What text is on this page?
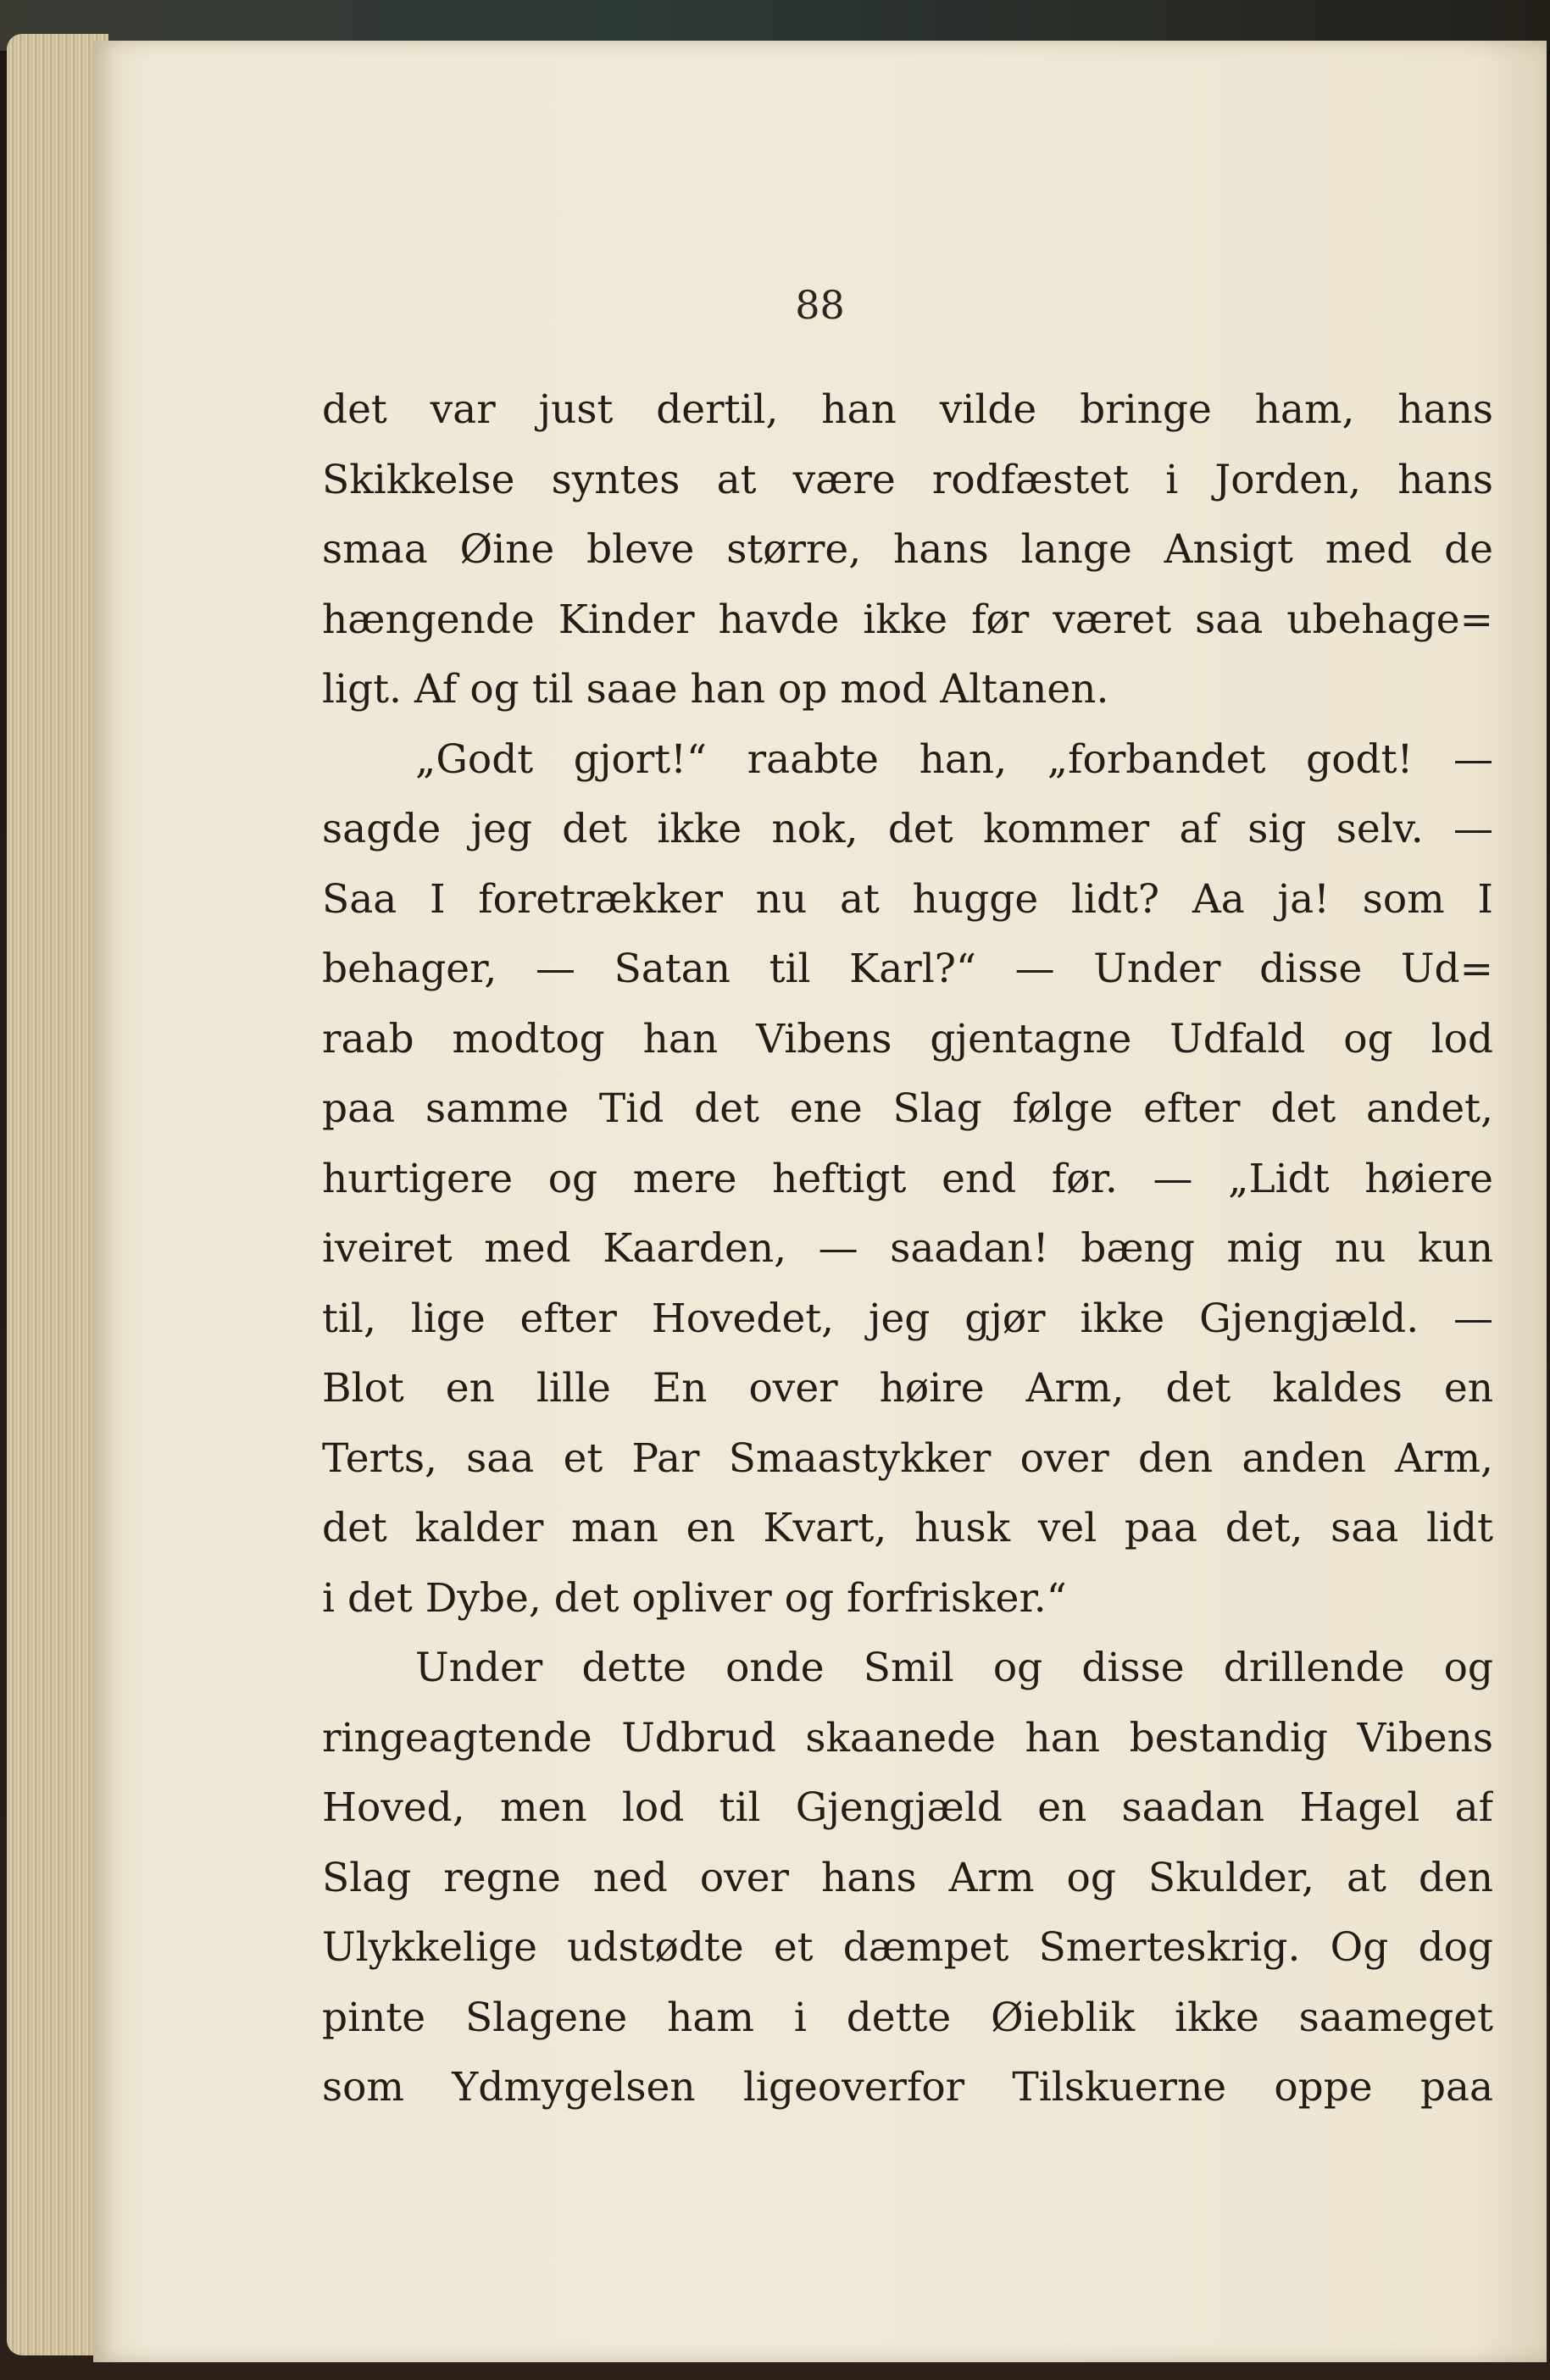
88
det var just dertil, han vilde bringe ham, hans
Skikkelse syntes at være rodfæstet i Jorden, hans
smaa Øine bleve større, hans lange Ansigt med de
hængende Kinder havde ikke før været saa ubehage=
ligt. Af og til saae han op mod Altanen.
„Godt gjort!“ raabte han, „forbandet godt! —
sagde jeg det ikke nok, det kommer af sig selv. —
Saa I foretrækker nu at hugge lidt? Aa ja! som I
behager, — Satan til Karl?“ — Under disse Ud=
raab modtog han Vibens gjentagne Udfald og lod
paa samme Tid det ene Slag følge efter det andet,
hurtigere og mere heftigt end før. — „Lidt høiere
iveiret med Kaarden, — saadan! bæng mig nu kun
til, lige efter Hovedet, jeg gjør ikke Gjengjæld. —
Blot en lille En over høire Arm, det kaldes en
Terts, saa et Par Smaastykker over den anden Arm,
det kalder man en Kvart, husk vel paa det, saa lidt
i det Dybe, det opliver og forfrisker.“
Under dette onde Smil og disse drillende og
ringeagtende Udbrud skaanede han bestandig Vibens
Hoved, men lod til Gjengjæld en saadan Hagel af
Slag regne ned over hans Arm og Skulder, at den
Ulykkelige udstødte et dæmpet Smerteskrig. Og dog
pinte Slagene ham i dette Øieblik ikke saameget
som Ydmygelsen ligeoverfor Tilskuerne oppe paa
